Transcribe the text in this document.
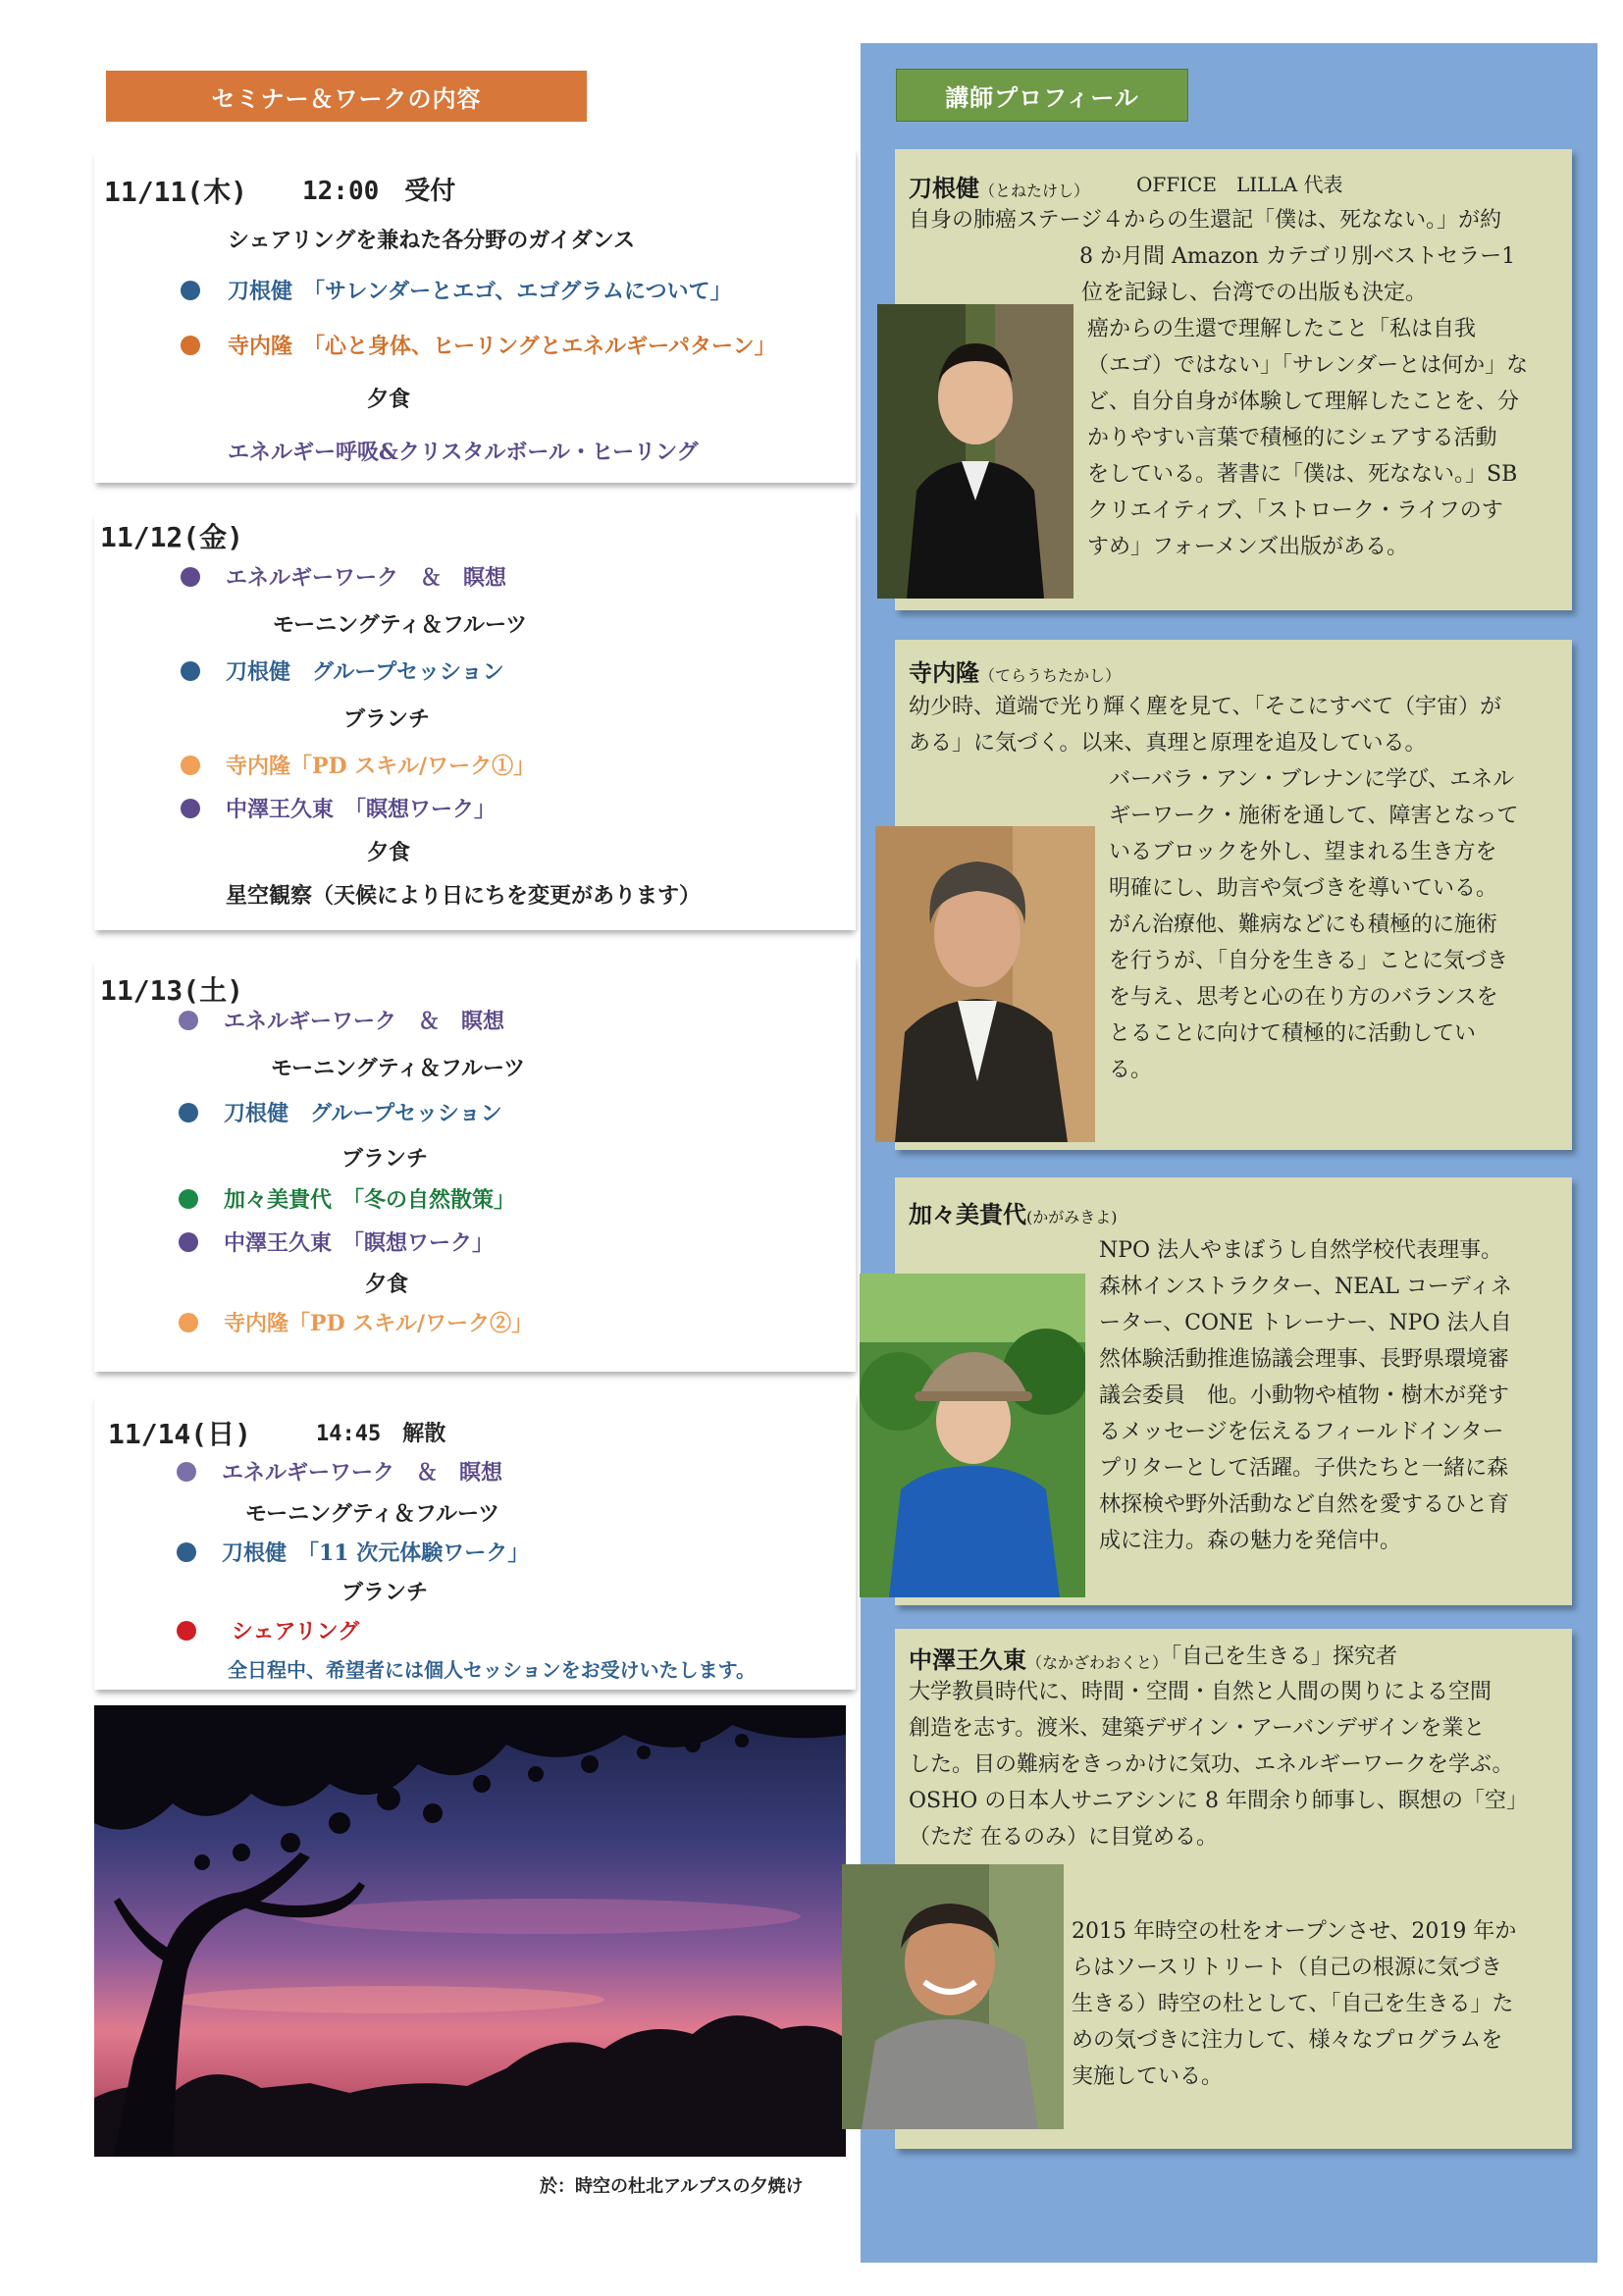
セミナー＆ワークの内容	講師プロフィール
11/11(木) 12:00　受付
シェアリングを兼ねた各分野のガイダンス
刀根健　「サレンダーとエゴ、エゴグラムについて」
寺内隆　「心と身体、ヒーリングとエネルギーパターン」
夕食
エネルギー呼吸&クリスタルボール・ヒーリング
11/12(金)
エネルギーワーク　＆　瞑想
モーニングティ＆フルーツ
刀根健　グループセッション
ブランチ
寺内隆「PD スキル/ワーク①」
中澤王久東　「瞑想ワーク」
夕食
星空観察（天候により日にちを変更があります）
11/13(土)
エネルギーワーク　＆　瞑想
モーニングティ＆フルーツ
刀根健　グループセッション
ブランチ
加々美貴代　「冬の自然散策」
中澤王久東　「瞑想ワーク」
夕食
寺内隆「PD スキル/ワーク②」
11/14(日)	14:45　解散
エネルギーワーク　＆　瞑想
モーニングティ＆フルーツ
刀根健　「11 次元体験ワーク」
ブランチ
シェアリング
全日程中、希望者には個人セッションをお受けいたします。
於：時空の杜北アルプスの夕焼け
刀根健（とねたけし） OFFICE　LILLA 代表
自身の肺癌ステージ４からの生還記「僕は、死なない。」が約
8 か月間 Amazon カテゴリ別ベストセラー1
位を記録し、台湾での出版も決定。
癌からの生還で理解したこと「私は自我
（エゴ）ではない」「サレンダーとは何か」な
ど、自分自身が体験して理解したことを、分
かりやすい言葉で積極的にシェアする活動
をしている。著書に「僕は、死なない。」SB
クリエイティブ、「ストローク・ライフのす
すめ」フォーメンズ出版がある。
寺内隆（てらうちたかし）
幼少時、道端で光り輝く塵を見て、「そこにすべて（宇宙）が
ある」に気づく。以来、真理と原理を追及している。
バーバラ・アン・ブレナンに学び、エネル
ギーワーク・施術を通して、障害となって
いるブロックを外し、望まれる生き方を
明確にし、助言や気づきを導いている。
がん治療他、難病などにも積極的に施術
を行うが、「自分を生きる」ことに気づき
を与え、思考と心の在り方のバランスを
とることに向けて積極的に活動してい
る。
加々美貴代(かがみきよ)
NPO 法人やまぼうし自然学校代表理事。
森林インストラクター、NEAL コーディネ
ーター、CONE トレーナー、NPO 法人自
然体験活動推進協議会理事、長野県環境審
議会委員　他。小動物や植物・樹木が発す
るメッセージを伝えるフィールドインター
プリターとして活躍。子供たちと一緒に森
林探検や野外活動など自然を愛するひと育
成に注力。森の魅力を発信中。
中澤王久東（なかざわおくと）
「自己を生きる」探究者
大学教員時代に、時間・空間・自然と人間の関りによる空間
創造を志す。渡米、建築デザイン・アーバンデザインを業と
した。目の難病をきっかけに気功、エネルギーワークを学ぶ。
OSHO の日本人サニアシンに 8 年間余り師事し、瞑想の「空」
（ただ 在るのみ）に目覚める。
2015 年時空の杜をオープンさせ、2019 年か
らはソースリトリート（自己の根源に気づき
生きる）時空の杜として、「自己を生きる」た
めの気づきに注力して、様々なプログラムを
実施している。
